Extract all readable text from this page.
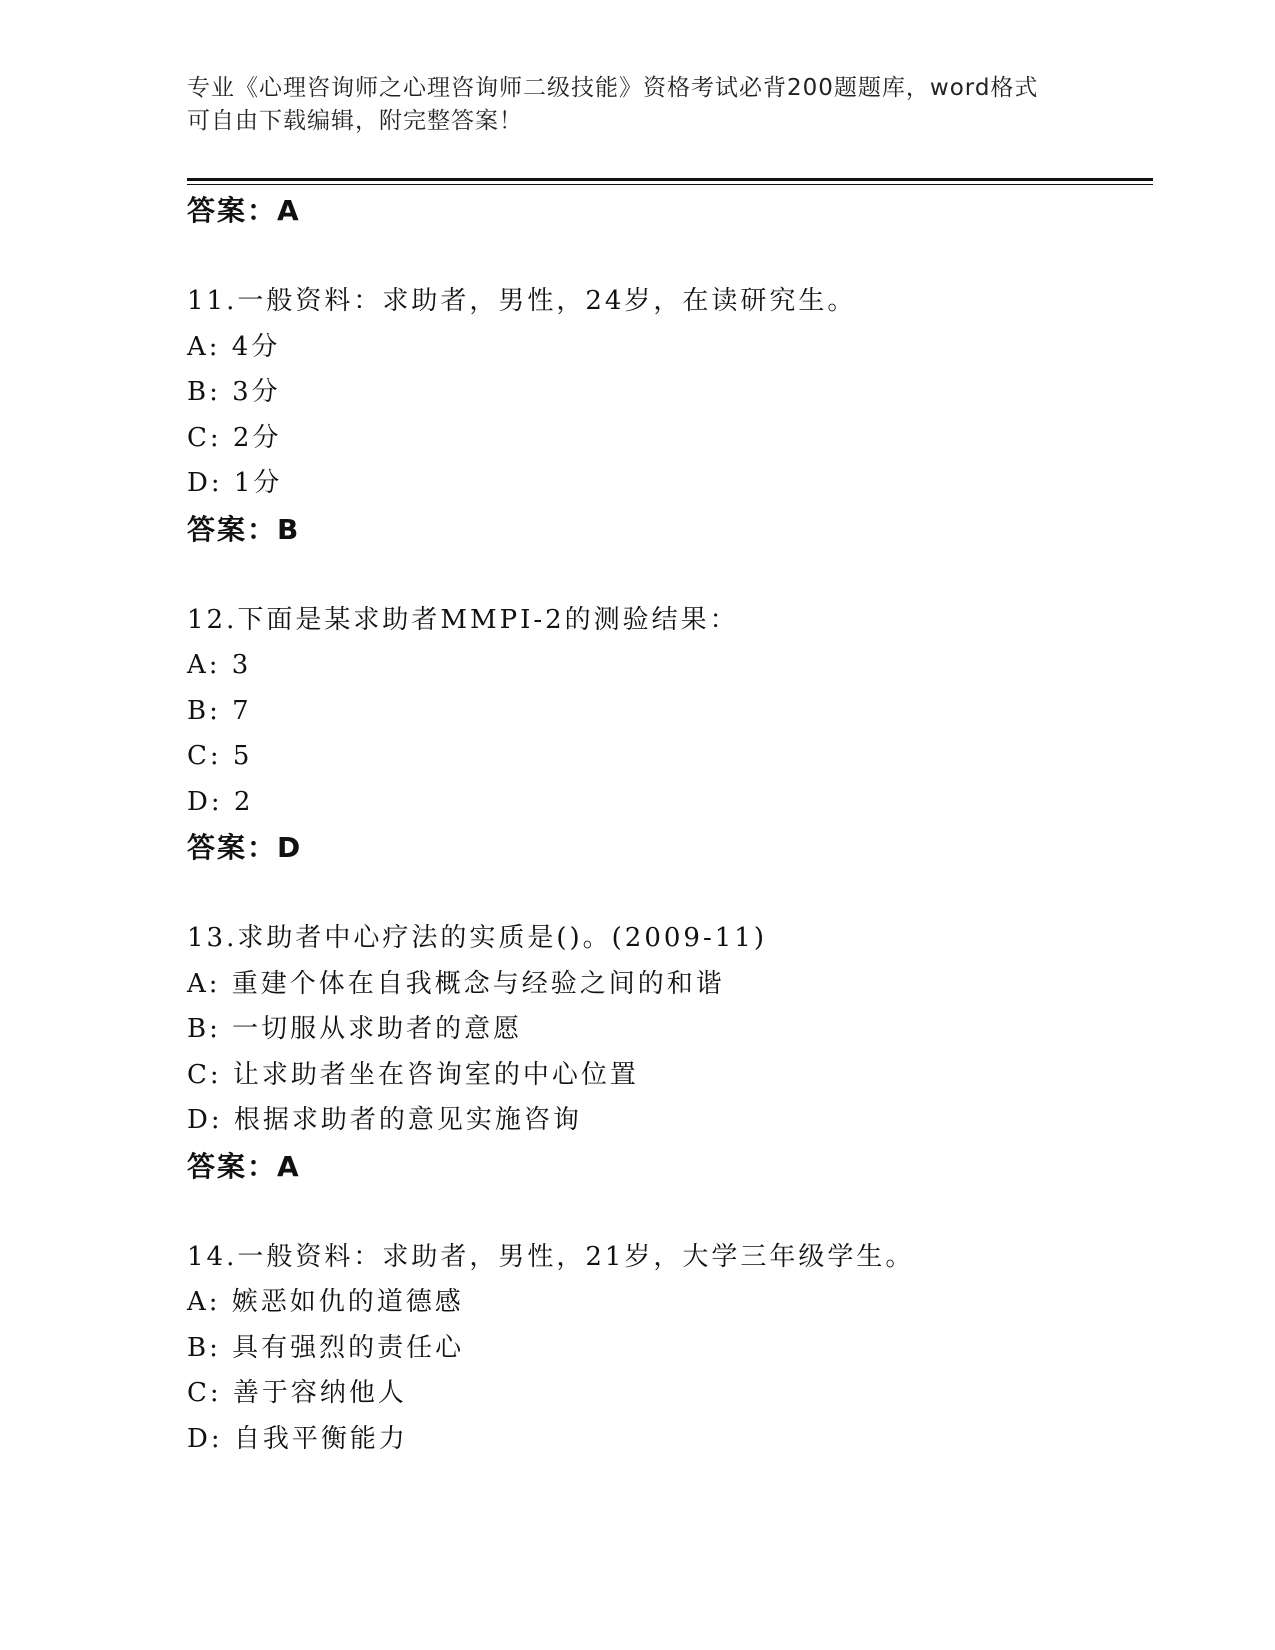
专业《心理咨询师之心理咨询师二级技能》资格考试必背200题题库，word格式
可自由下载编辑，附完整答案！
答案：A
11.一般资料：求助者，男性，24岁，在读研究生。
A: 4分
B: 3分
C: 2分
D: 1分
答案：B
12.下面是某求助者MMPI-2的测验结果：
A: 3
B: 7
C: 5
D: 2
答案：D
13.求助者中心疗法的实质是()。(2009-11)
A: 重建个体在自我概念与经验之间的和谐
B: 一切服从求助者的意愿
C: 让求助者坐在咨询室的中心位置
D: 根据求助者的意见实施咨询
答案：A
14.一般资料：求助者，男性，21岁，大学三年级学生。
A: 嫉恶如仇的道德感
B: 具有强烈的责任心
C: 善于容纳他人
D: 自我平衡能力
